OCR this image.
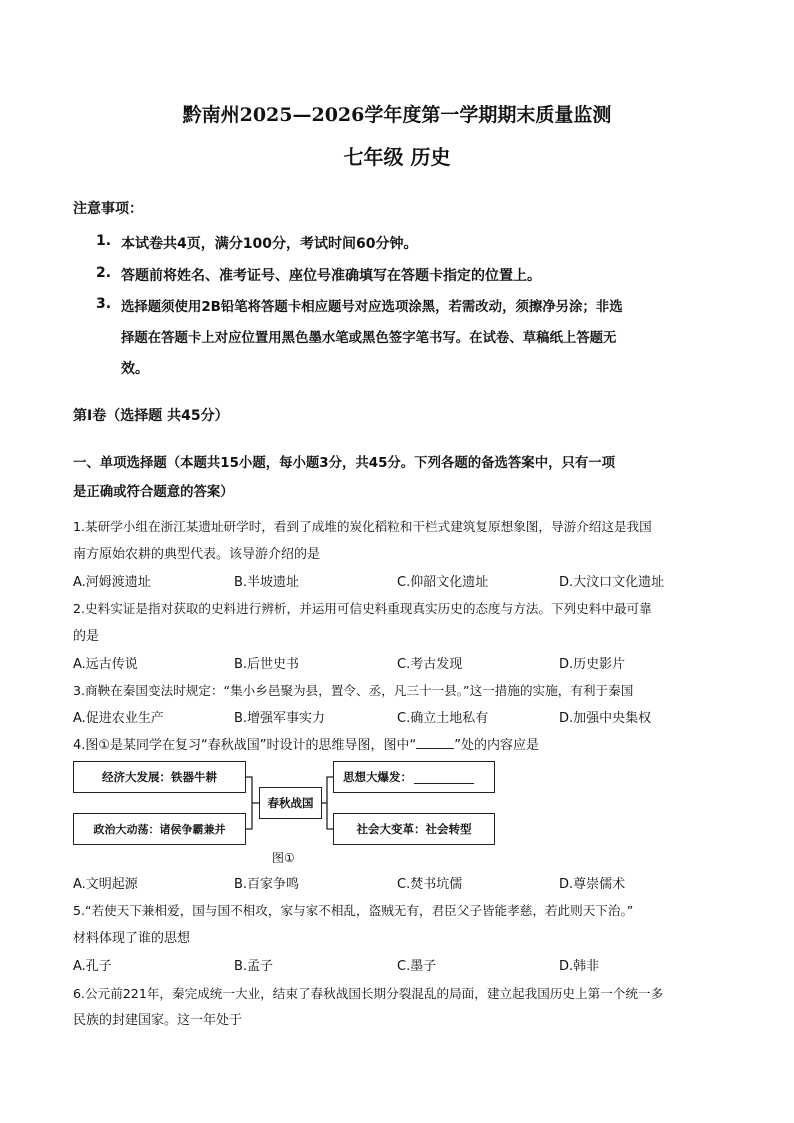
黔南州2025—2026学年度第一学期期末质量监测
七年级 历史
注意事项：
1. 本试卷共4页，满分100分，考试时间60分钟。
2. 答题前将姓名、准考证号、座位号准确填写在答题卡指定的位置上。
3. 选择题须使用2B铅笔将答题卡相应题号对应选项涂黑，若需改动，须擦净另涂；非选
择题在答题卡上对应位置用黑色墨水笔或黑色签字笔书写。在试卷、草稿纸上答题无
效。
第Ⅰ卷（选择题 共45分）
一、单项选择题（本题共15小题，每小题3分，共45分。下列各题的备选答案中，只有一项
是正确或符合题意的答案）
1.某研学小组在浙江某遗址研学时，看到了成堆的炭化稻粒和干栏式建筑复原想象图，导游介绍这是我国
南方原始农耕的典型代表。该导游介绍的是
A.河姆渡遗址	B.半坡遗址	C.仰韶文化遗址	D.大汶口文化遗址
2.史料实证是指对获取的史料进行辨析，并运用可信史料重现真实历史的态度与方法。下列史料中最可靠
的是
A.远古传说	B.后世史书	C.考古发现	D.历史影片
3.商鞅在秦国变法时规定：“集小乡邑聚为县，置令、丞，凡三十一县。”这一措施的实施，有利于秦国
A.促进农业生产	B.增强军事实力	C.确立土地私有	D.加强中央集权
4.图①是某同学在复习“春秋战国”时设计的思维导图，图中“	”处的内容应是
经济大发展：铁器牛耕
政治大动荡：诸侯争霸兼并
春秋战国
思想大爆发：
社会大变革：社会转型
图①
A.文明起源	B.百家争鸣	C.焚书坑儒	D.尊崇儒术
5.“若使天下兼相爱，国与国不相攻，家与家不相乱，盗贼无有，君臣父子皆能孝慈，若此则天下治。”
材料体现了谁的思想
A.孔子	B.孟子	C.墨子	D.韩非
6.公元前221年，秦完成统一大业，结束了春秋战国长期分裂混乱的局面，建立起我国历史上第一个统一多
民族的封建国家。这一年处于
